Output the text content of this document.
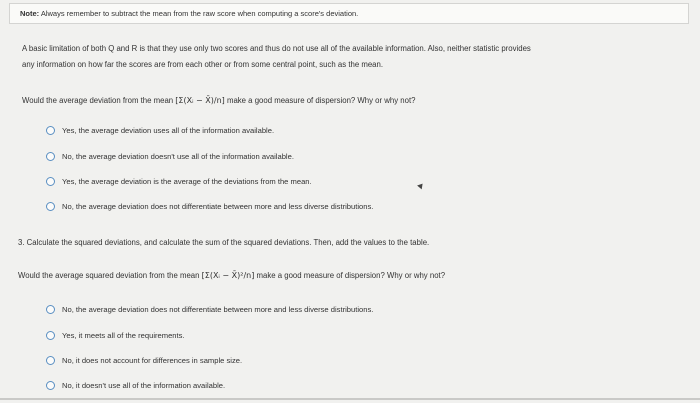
Note: Always remember to subtract the mean from the raw score when computing a score's deviation.
A basic limitation of both Q and R is that they use only two scores and thus do not use all of the available information. Also, neither statistic provides
any information on how far the scores are from each other or from some central point, such as the mean.
Would the average deviation from the mean [Σ(Xᵢ − X̄)/n] make a good measure of dispersion? Why or why not?
Yes, the average deviation uses all of the information available.
No, the average deviation doesn't use all of the information available.
Yes, the average deviation is the average of the deviations from the mean.
No, the average deviation does not differentiate between more and less diverse distributions.
3. Calculate the squared deviations, and calculate the sum of the squared deviations. Then, add the values to the table.
Would the average squared deviation from the mean [Σ(Xᵢ − X̄)²/n] make a good measure of dispersion? Why or why not?
No, the average deviation does not differentiate between more and less diverse distributions.
Yes, it meets all of the requirements.
No, it does not account for differences in sample size.
No, it doesn't use all of the information available.
